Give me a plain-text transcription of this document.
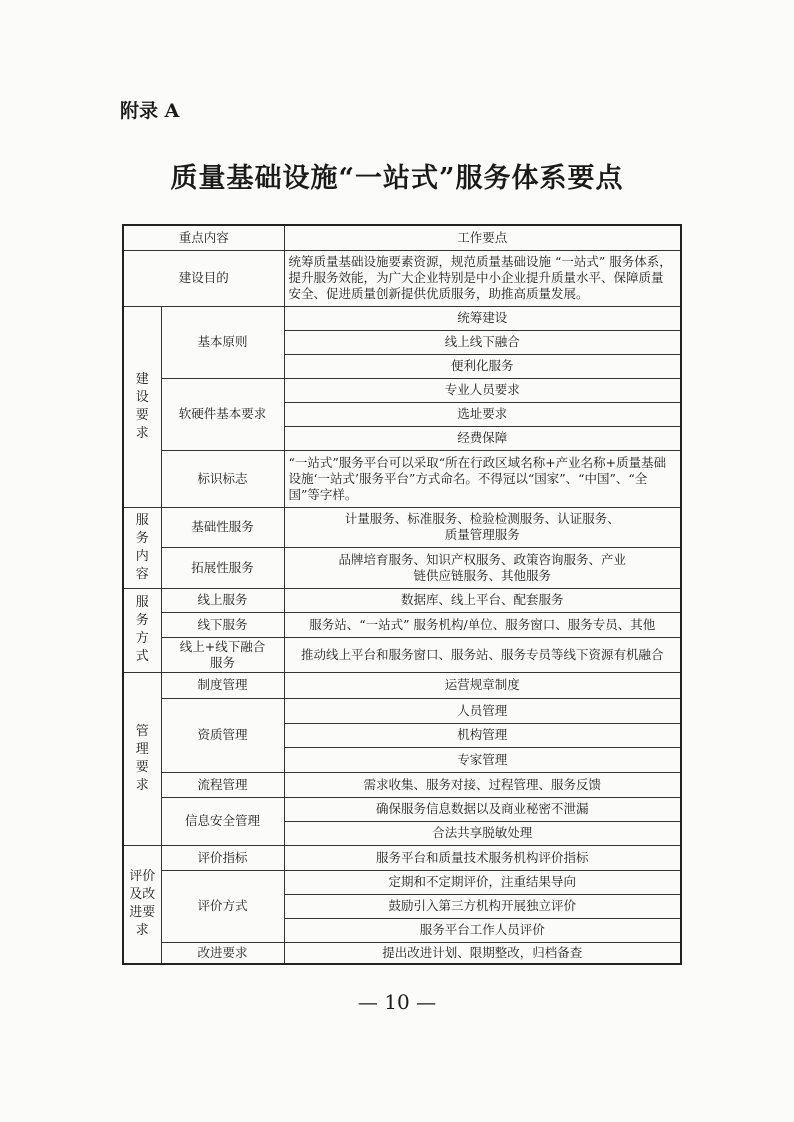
附录 A
质量基础设施“一站式”服务体系要点
重点内容		工作要点
建设目的		统筹质量基础设施要素资源，规范质量基础设施 “一站式” 服务体系，提升服务效能，为广大企业特别是中小企业提升质量水平、保障质量安全、促进质量创新提供优质服务，助推高质量发展。
建设要求	基本原则	统筹建设
		线上线下融合
		便利化服务
	软硬件基本要求	专业人员要求
		选址要求
		经费保障
	标识标志	“一站式”服务平台可以采取“所在行政区域名称+产业名称+质量基础设施‘一站式’服务平台”方式命名。不得冠以“国家”、“中国”、“全国”等字样。
服务内容	基础性服务	计量服务、标准服务、检验检测服务、认证服务、质量管理服务
	拓展性服务	品牌培育服务、知识产权服务、政策咨询服务、产业链供应链服务、其他服务
服务方式	线上服务	数据库、线上平台、配套服务
	线下服务	服务站、“一站式” 服务机构/单位、服务窗口、服务专员、其他
	线上+线下融合服务	推动线上平台和服务窗口、服务站、服务专员等线下资源有机融合
管理要求	制度管理	运营规章制度
	资质管理	人员管理
		机构管理
		专家管理
	流程管理	需求收集、服务对接、过程管理、服务反馈
	信息安全管理	确保服务信息数据以及商业秘密不泄漏
		合法共享脱敏处理
评价及改进要求	评价指标	服务平台和质量技术服务机构评价指标
	评价方式	定期和不定期评价，注重结果导向
		鼓励引入第三方机构开展独立评价
		服务平台工作人员评价
	改进要求	提出改进计划、限期整改，归档备查
— 10 —
